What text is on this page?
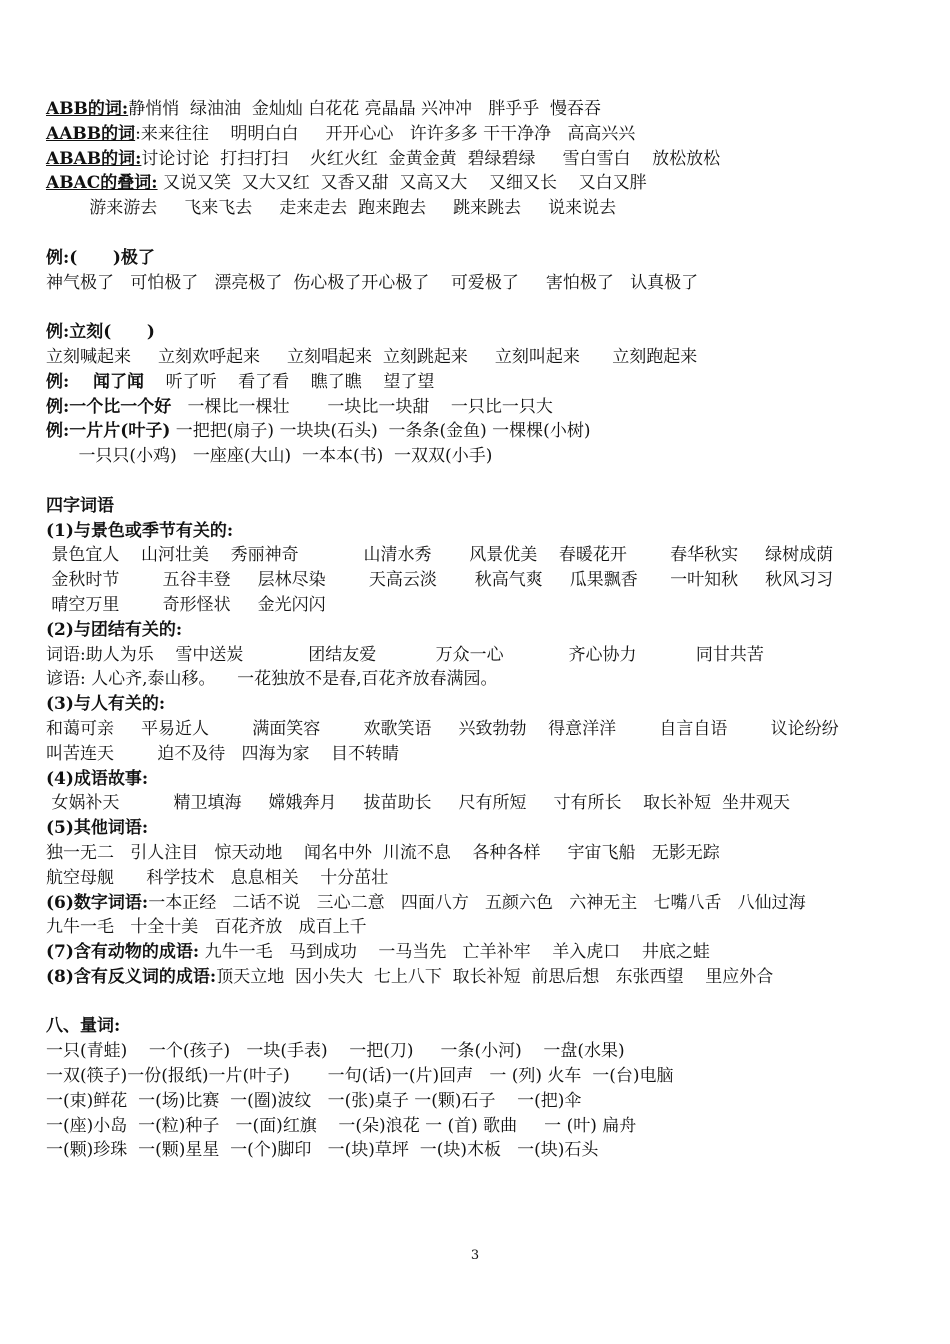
ABB的词:静悄悄  绿油油  金灿灿 白花花 亮晶晶 兴冲冲   胖乎乎  慢吞吞
AABB的词:来来往往    明明白白     开开心心   许许多多 干干净净   高高兴兴
ABAB的词:讨论讨论  打扫打扫    火红火红  金黄金黄  碧绿碧绿     雪白雪白    放松放松
ABAC的叠词: 又说又笑  又大又红  又香又甜  又高又大    又细又长    又白又胖
游来游去     飞来飞去     走来走去  跑来跑去     跳来跳去     说来说去
例:(      )极了
神气极了   可怕极了   漂亮极了  伤心极了开心极了    可爱极了     害怕极了   认真极了
例:立刻(      )
立刻喊起来     立刻欢呼起来     立刻唱起来  立刻跳起来     立刻叫起来      立刻跑起来
例:    闻了闻    听了听    看了看    瞧了瞧    望了望
例:一个比一个好   一棵比一棵壮       一块比一块甜    一只比一只大
例:一片片(叶子) 一把把(扇子) 一块块(石头)  一条条(金鱼) 一棵棵(小树)
一只只(小鸡)   一座座(大山)  一本本(书)  一双双(小手)
四字词语
(1)与景色或季节有关的:
景色宜人    山河壮美    秀丽神奇            山清水秀       风景优美    春暖花开        春华秋实     绿树成荫
金秋时节        五谷丰登     层林尽染        天高云淡       秋高气爽     瓜果飘香      一叶知秋     秋风习习
晴空万里        奇形怪状     金光闪闪
(2)与团结有关的:
词语:助人为乐    雪中送炭            团结友爱           万众一心            齐心协力           同甘共苦
谚语: 人心齐,泰山移。    一花独放不是春,百花齐放春满园。
(3)与人有关的:
和蔼可亲     平易近人        满面笑容        欢歌笑语     兴致勃勃    得意洋洋        自言自语        议论纷纷
叫苦连天        迫不及待   四海为家    目不转睛
(4)成语故事:
女娲补天          精卫填海     嫦娥奔月     拔苗助长     尺有所短     寸有所长    取长补短  坐井观天
(5)其他词语:
独一无二   引人注目   惊天动地    闻名中外  川流不息    各种各样     宇宙飞船   无影无踪
航空母舰      科学技术   息息相关    十分茁壮
(6)数字词语:一本正经   二话不说   三心二意   四面八方   五颜六色   六神无主   七嘴八舌   八仙过海
九牛一毛   十全十美   百花齐放   成百上千
(7)含有动物的成语: 九牛一毛   马到成功    一马当先   亡羊补牢    羊入虎口    井底之蛙
(8)含有反义词的成语:顶天立地  因小失大  七上八下  取长补短  前思后想   东张西望    里应外合
八、量词:
一只(青蛙)    一个(孩子)   一块(手表)    一把(刀)     一条(小河)    一盘(水果)
一双(筷子)一份(报纸)一片(叶子)       一句(话)一(片)回声   一 (列) 火车  一(台)电脑
一(束)鲜花  一(场)比赛  一(圈)波纹   一(张)桌子 一(颗)石子    一(把)伞
一(座)小岛  一(粒)种子   一(面)红旗    一(朵)浪花 一 (首) 歌曲     一 (叶) 扁舟
一(颗)珍珠  一(颗)星星  一(个)脚印   一(块)草坪  一(块)木板   一(块)石头
3
